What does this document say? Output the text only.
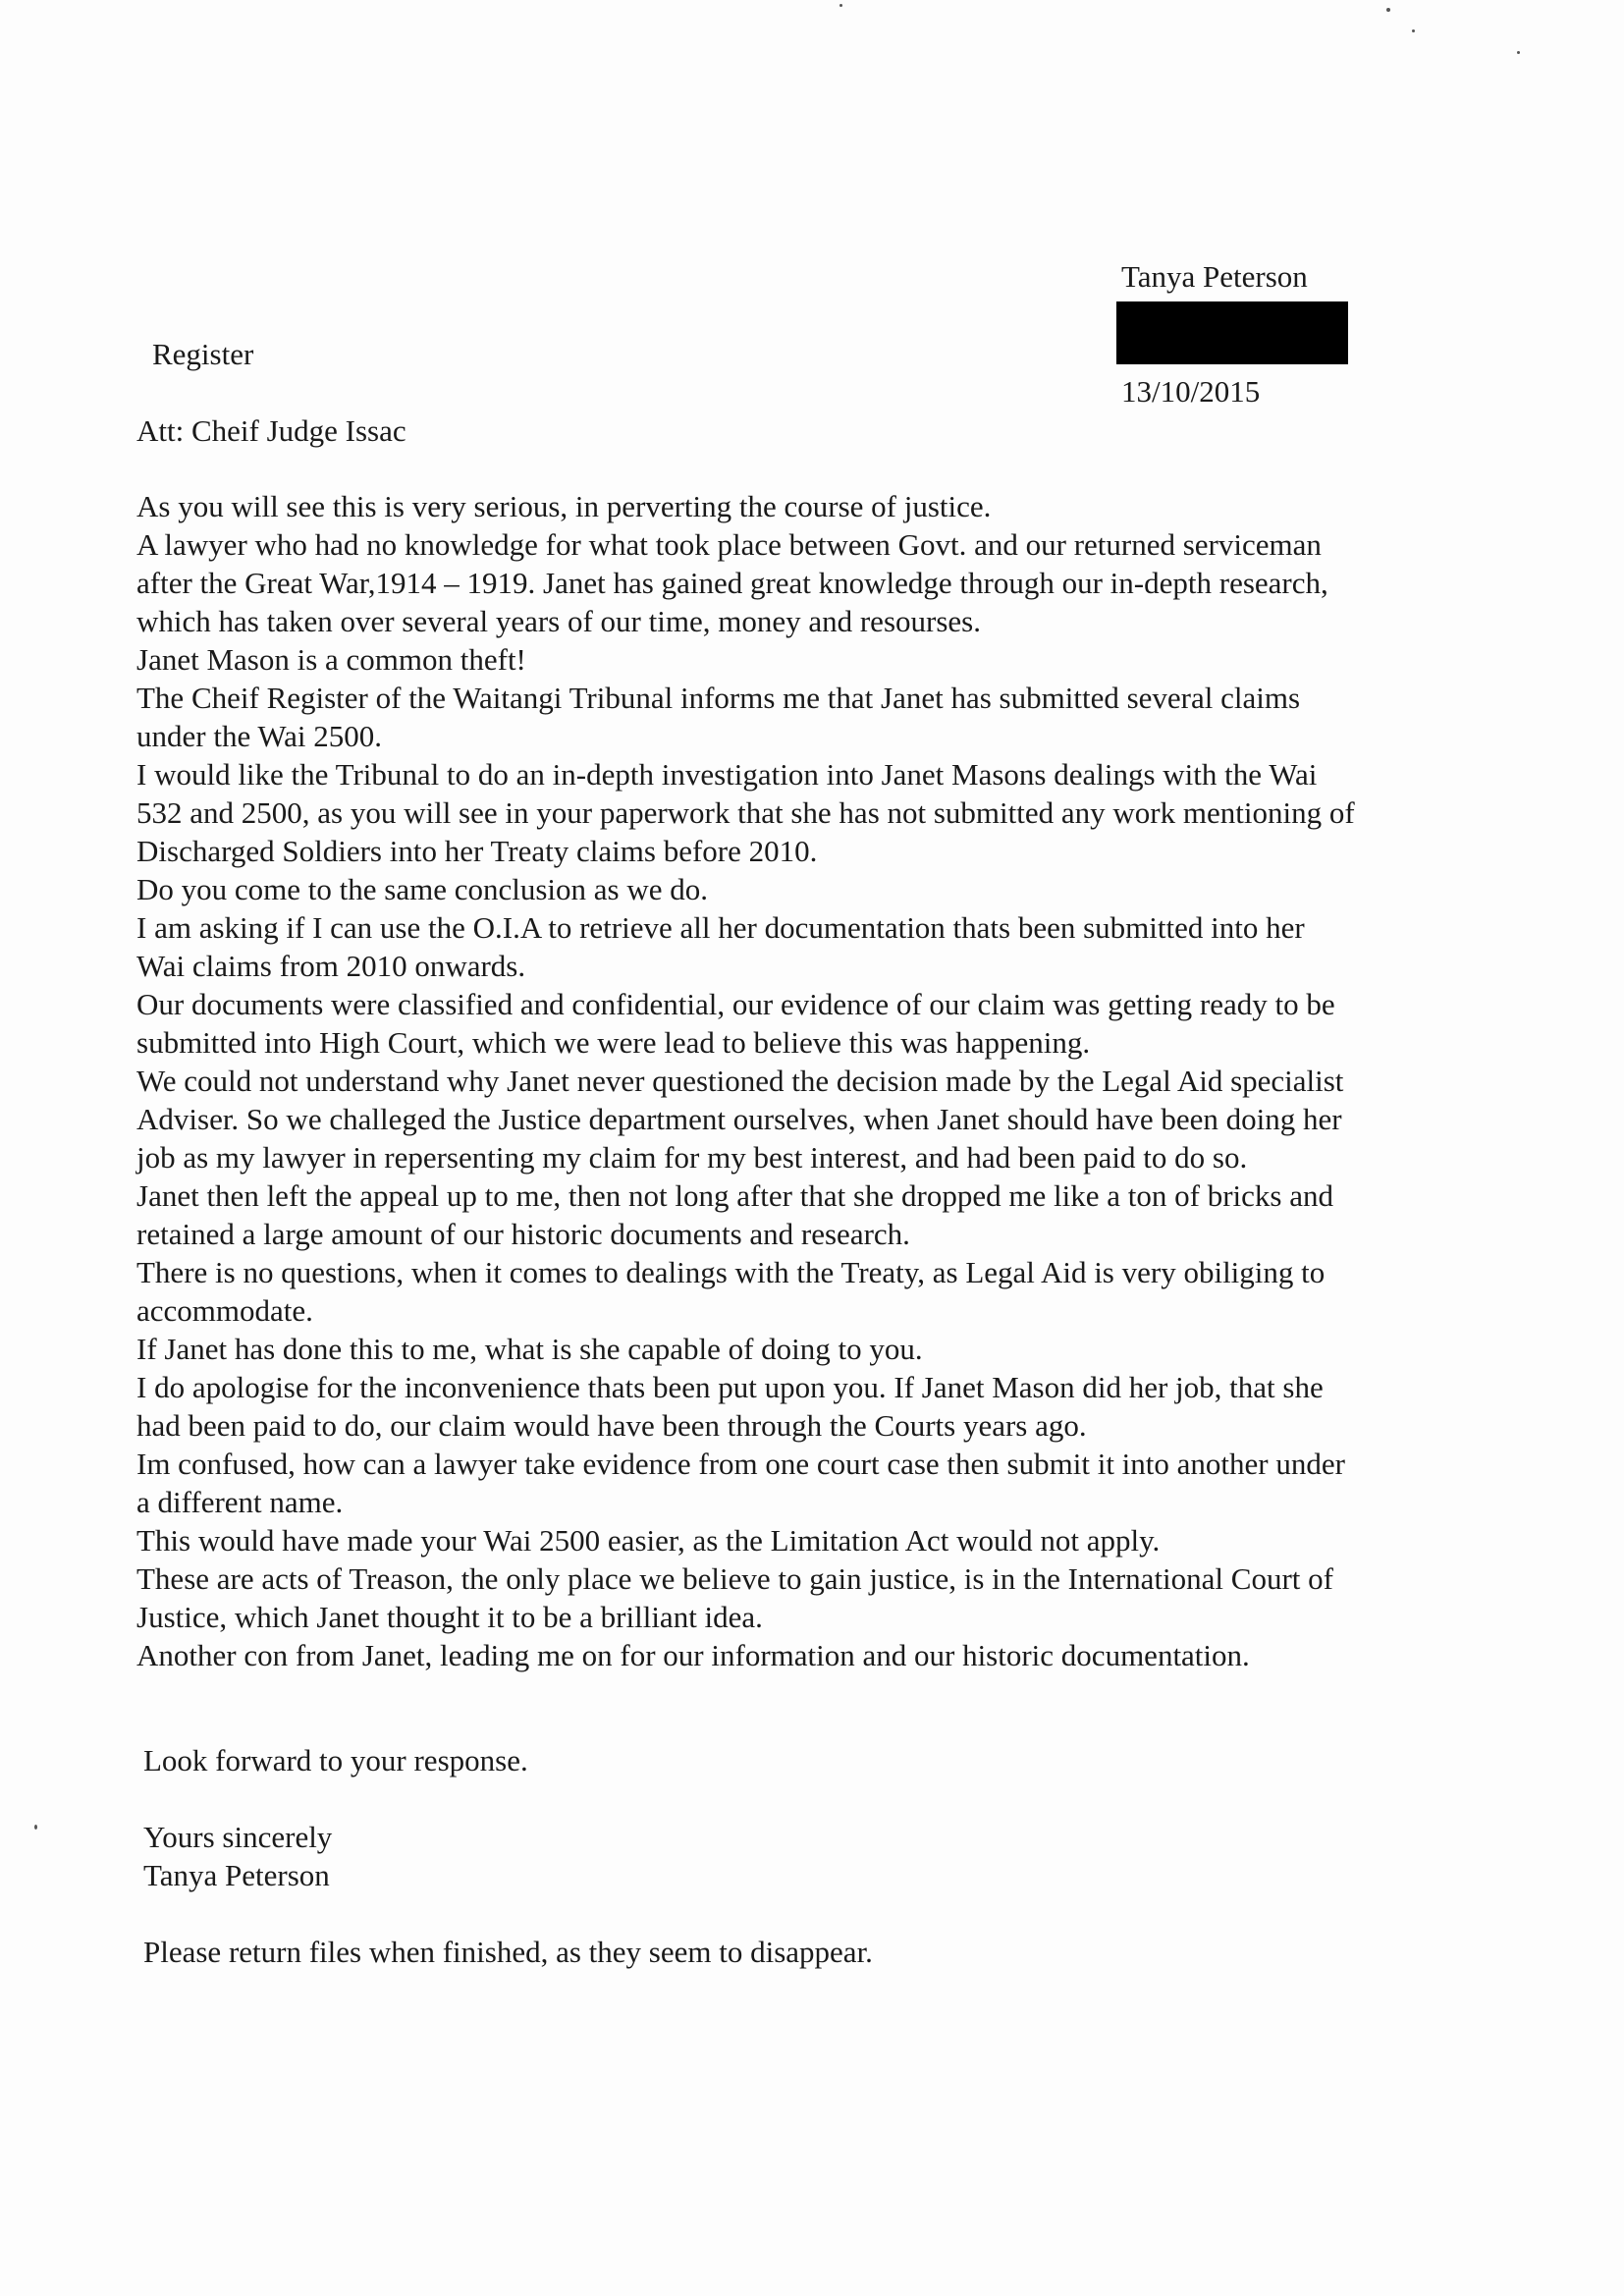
Tanya Peterson
13/10/2015
Register
Att: Cheif Judge Issac
As you will see this is very serious, in perverting the course of justice.
A lawyer who had no knowledge for what took place between Govt. and our returned serviceman
after the Great War,1914 – 1919. Janet has gained great knowledge through our in-depth research,
which has taken over several years of our time, money and resourses.
Janet Mason is a common theft!
The Cheif Register of the Waitangi Tribunal informs me that Janet has submitted several claims
under the Wai 2500.
I would like the Tribunal to do an in-depth investigation into Janet Masons dealings with the Wai
532 and 2500, as you will see in your paperwork that she has not submitted any work mentioning of
Discharged Soldiers into her Treaty claims before 2010.
Do you come to the same conclusion as we do.
I am asking if I can use the O.I.A to retrieve all her documentation thats been submitted into her
Wai claims from 2010 onwards.
Our documents were classified and confidential, our evidence of our claim was getting ready to be
submitted into High Court, which we were lead to believe this was happening.
We could not understand why Janet never questioned the decision made by the Legal Aid specialist
Adviser. So we challeged the Justice department ourselves, when Janet should have been doing her
job as my lawyer in repersenting my claim for my best interest, and had been paid to do so.
Janet then left the appeal up to me, then not long after that she dropped me like a ton of bricks and
retained a large amount of our historic documents and research.
There is no questions, when it comes to dealings with the Treaty, as Legal Aid is very obiliging to
accommodate.
If Janet has done this to me, what is she capable of doing to you.
I do apologise for the inconvenience thats been put upon you. If Janet Mason did her job, that she
had been paid to do, our claim would have been through the Courts years ago.
Im confused, how can a lawyer take evidence from one court case then submit it into another under
a different name.
This would have made your Wai 2500 easier, as the Limitation Act would not apply.
These are acts of Treason, the only place we believe to gain justice, is in the International Court of
Justice, which Janet thought it to be a brilliant idea.
Another con from Janet, leading me on for our information and our historic documentation.
Look forward to your response.
Yours sincerely
Tanya Peterson
Please return files when finished, as they seem to disappear.
